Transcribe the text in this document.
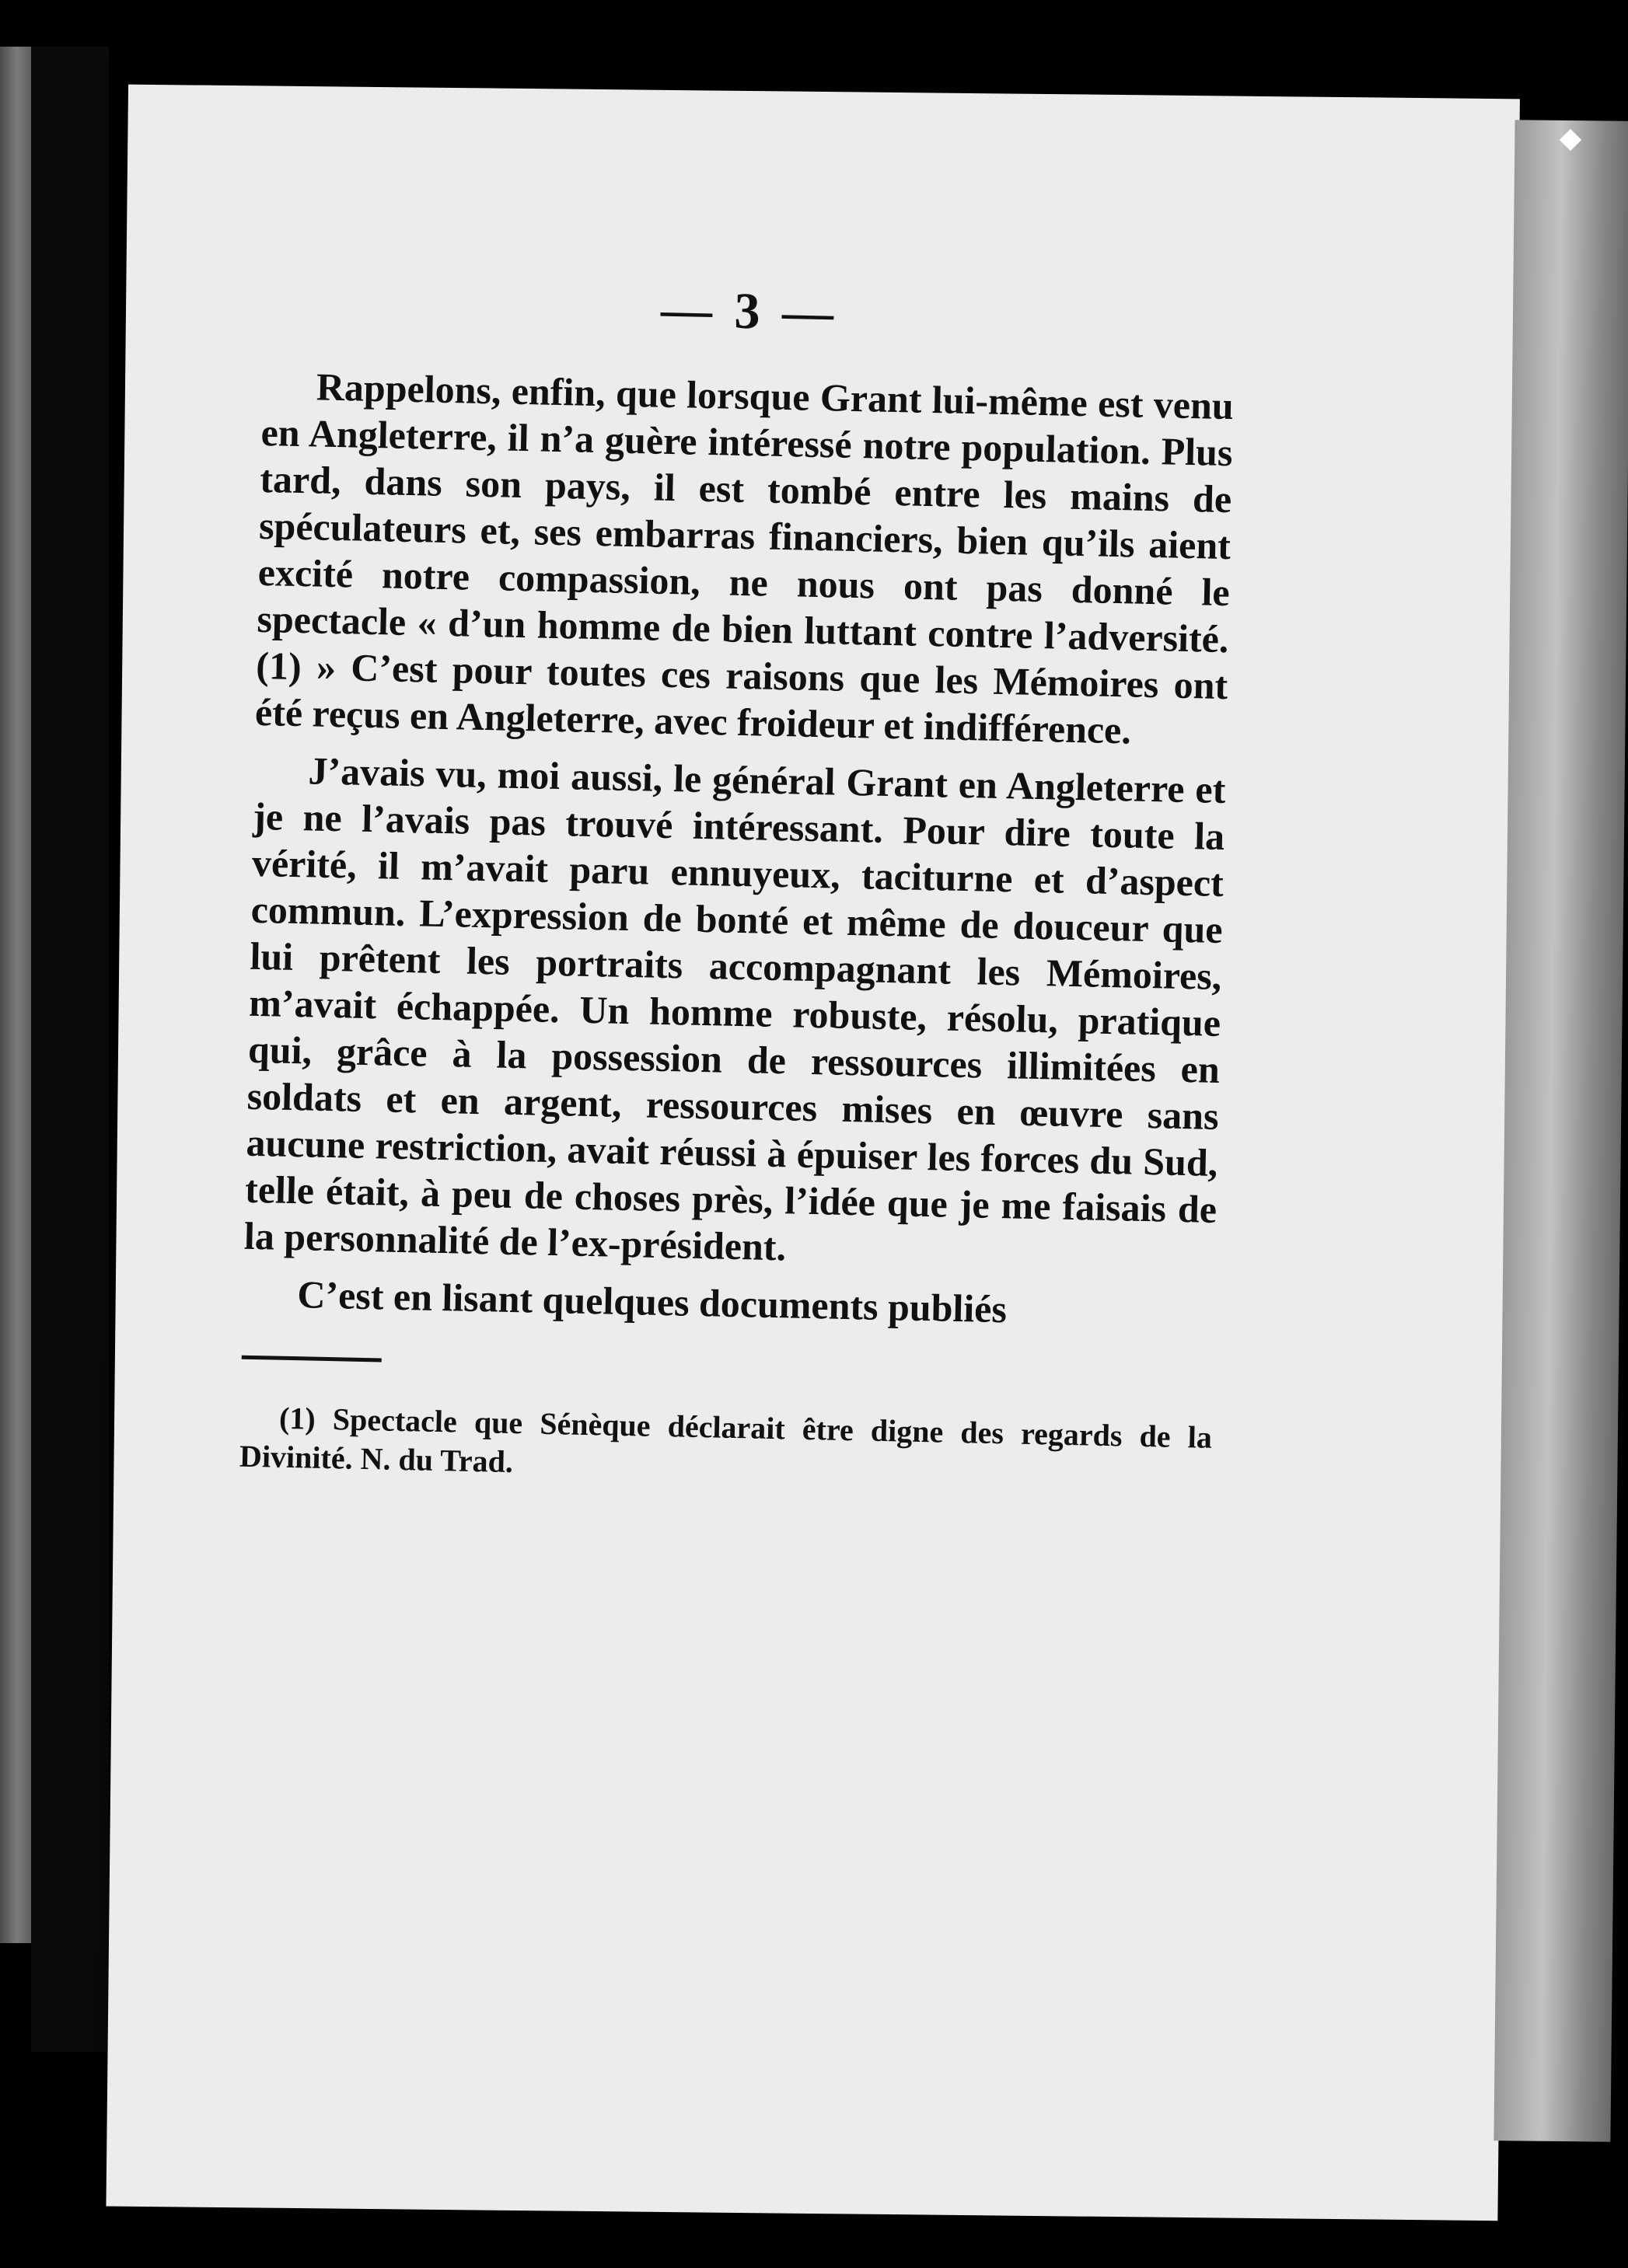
— 3 —

Rappelons, enfin, que lorsque Grant lui-même est venu en Angleterre, il n’a guère intéressé notre population. Plus tard, dans son pays, il est tombé entre les mains de spéculateurs et, ses embarras financiers, bien qu’ils aient excité notre compassion, ne nous ont pas donné le spectacle « d’un homme de bien luttant contre l’adversité. (1) » C’est pour toutes ces raisons que les Mémoires ont été reçus en Angleterre, avec froideur et indifférence.

J’avais vu, moi aussi, le général Grant en Angleterre et je ne l’avais pas trouvé intéressant. Pour dire toute la vérité, il m’avait paru ennuyeux, taciturne et d’aspect commun. L’expression de bonté et même de douceur que lui prêtent les portraits accompagnant les Mémoires, m’avait échappée. Un homme robuste, résolu, pratique qui, grâce à la possession de ressources illimitées en soldats et en argent, ressources mises en œuvre sans aucune restriction, avait réussi à épuiser les forces du Sud, telle était, à peu de choses près, l’idée que je me faisais de la personnalité de l’ex-président.

C’est en lisant quelques documents publiés

(1) Spectacle que Sénèque déclarait être digne des regards de la Divinité. N. du Trad.
